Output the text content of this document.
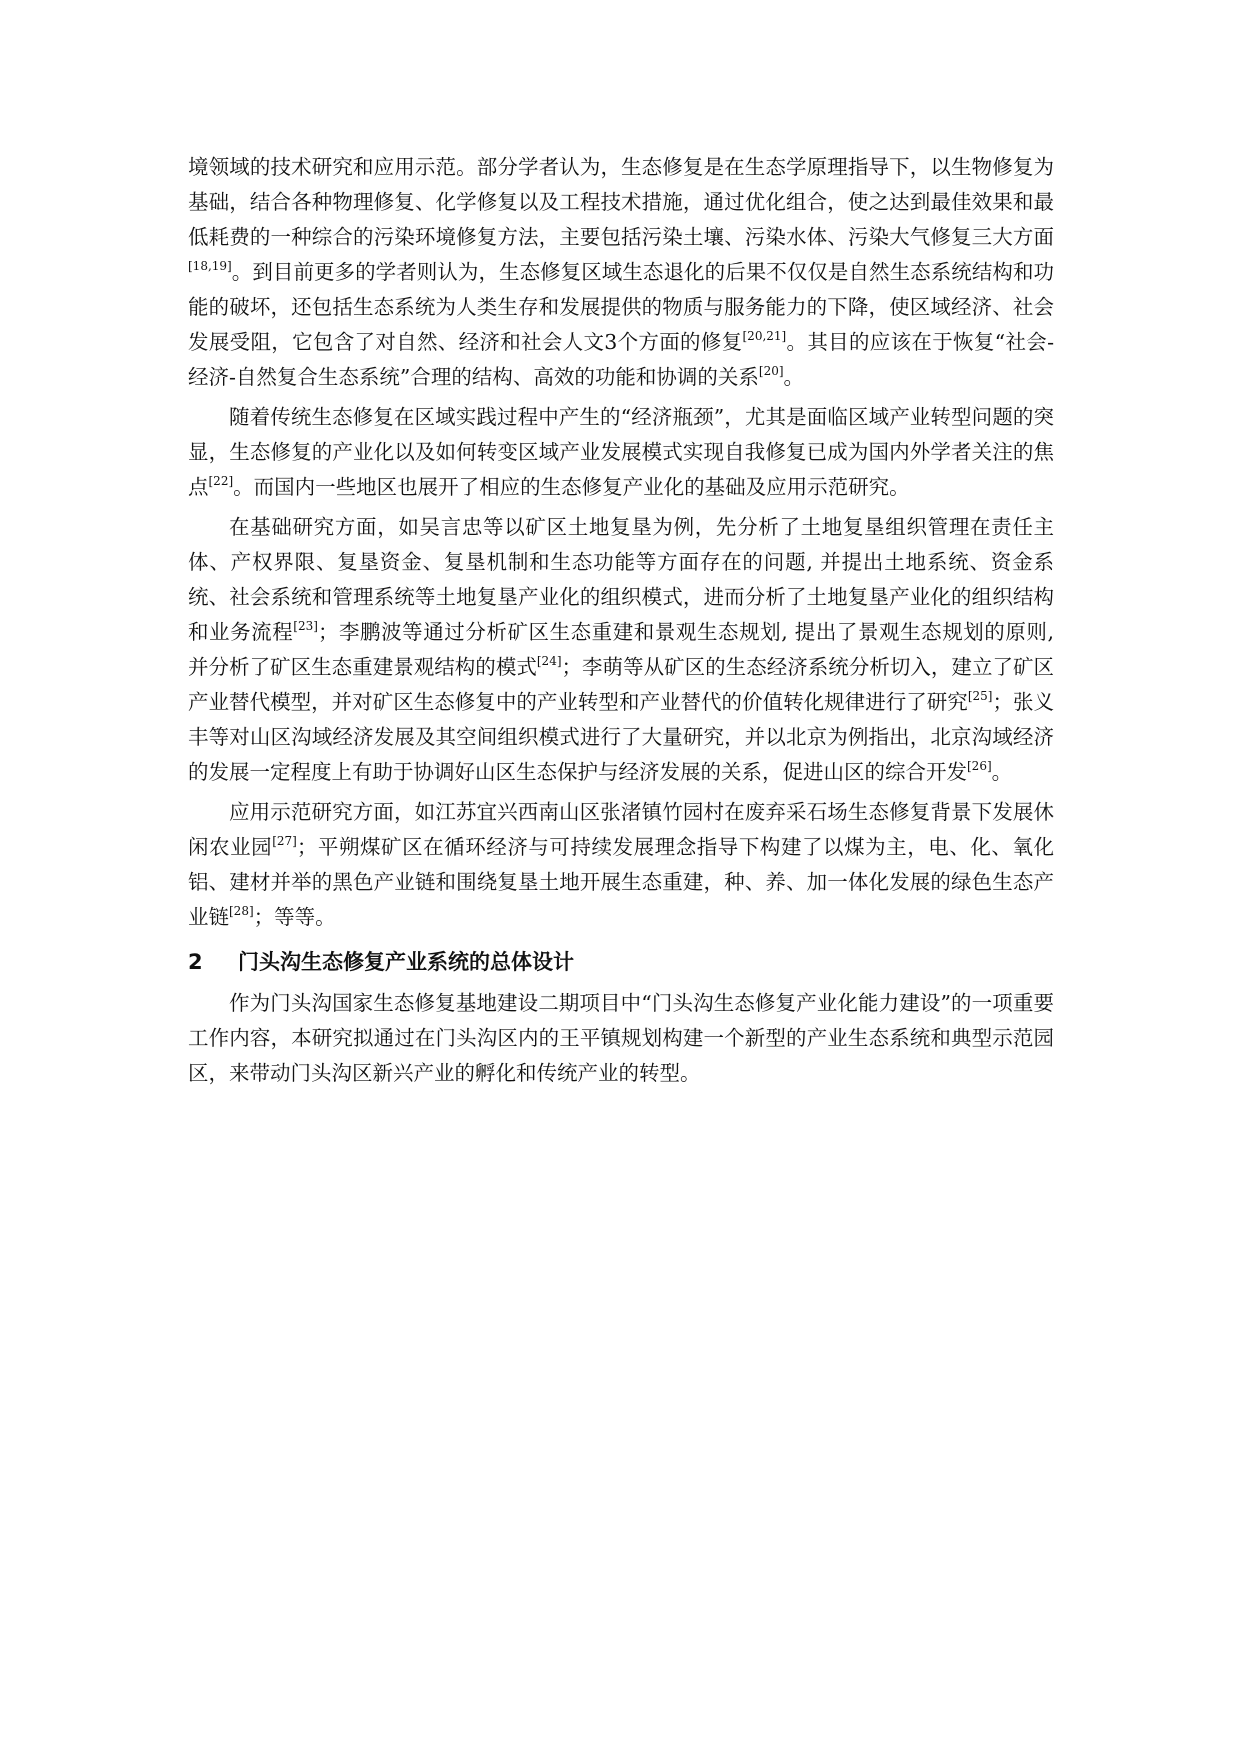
境领域的技术研究和应用示范。部分学者认为，生态修复是在生态学原理指导下，以生物修复为基础，结合各种物理修复、化学修复以及工程技术措施，通过优化组合，使之达到最佳效果和最低耗费的一种综合的污染环境修复方法，主要包括污染土壤、污染水体、污染大气修复三大方面[18,19]。到目前更多的学者则认为，生态修复区域生态退化的后果不仅仅是自然生态系统结构和功能的破坏，还包括生态系统为人类生存和发展提供的物质与服务能力的下降，使区域经济、社会发展受阻，它包含了对自然、经济和社会人文3个方面的修复[20,21]。其目的应该在于恢复“社会-经济-自然复合生态系统”合理的结构、高效的功能和协调的关系[20]。

随着传统生态修复在区域实践过程中产生的“经济瓶颈”，尤其是面临区域产业转型问题的突显，生态修复的产业化以及如何转变区域产业发展模式实现自我修复已成为国内外学者关注的焦点[22]。而国内一些地区也展开了相应的生态修复产业化的基础及应用示范研究。

在基础研究方面，如吴言忠等以矿区土地复垦为例，先分析了土地复垦组织管理在责任主体、产权界限、复垦资金、复垦机制和生态功能等方面存在的问题, 并提出土地系统、资金系统、社会系统和管理系统等土地复垦产业化的组织模式，进而分析了土地复垦产业化的组织结构和业务流程[23]；李鹏波等通过分析矿区生态重建和景观生态规划, 提出了景观生态规划的原则, 并分析了矿区生态重建景观结构的模式[24]；李萌等从矿区的生态经济系统分析切入，建立了矿区产业替代模型，并对矿区生态修复中的产业转型和产业替代的价值转化规律进行了研究[25]；张义丰等对山区沟域经济发展及其空间组织模式进行了大量研究，并以北京为例指出，北京沟域经济的发展一定程度上有助于协调好山区生态保护与经济发展的关系，促进山区的综合开发[26]。

应用示范研究方面，如江苏宜兴西南山区张渚镇竹园村在废弃采石场生态修复背景下发展休闲农业园[27]；平朔煤矿区在循环经济与可持续发展理念指导下构建了以煤为主，电、化、氧化铝、建材并举的黑色产业链和围绕复垦土地开展生态重建，种、养、加一体化发展的绿色生态产业链[28]；等等。

2	门头沟生态修复产业系统的总体设计

作为门头沟国家生态修复基地建设二期项目中“门头沟生态修复产业化能力建设”的一项重要工作内容，本研究拟通过在门头沟区内的王平镇规划构建一个新型的产业生态系统和典型示范园区，来带动门头沟区新兴产业的孵化和传统产业的转型。
